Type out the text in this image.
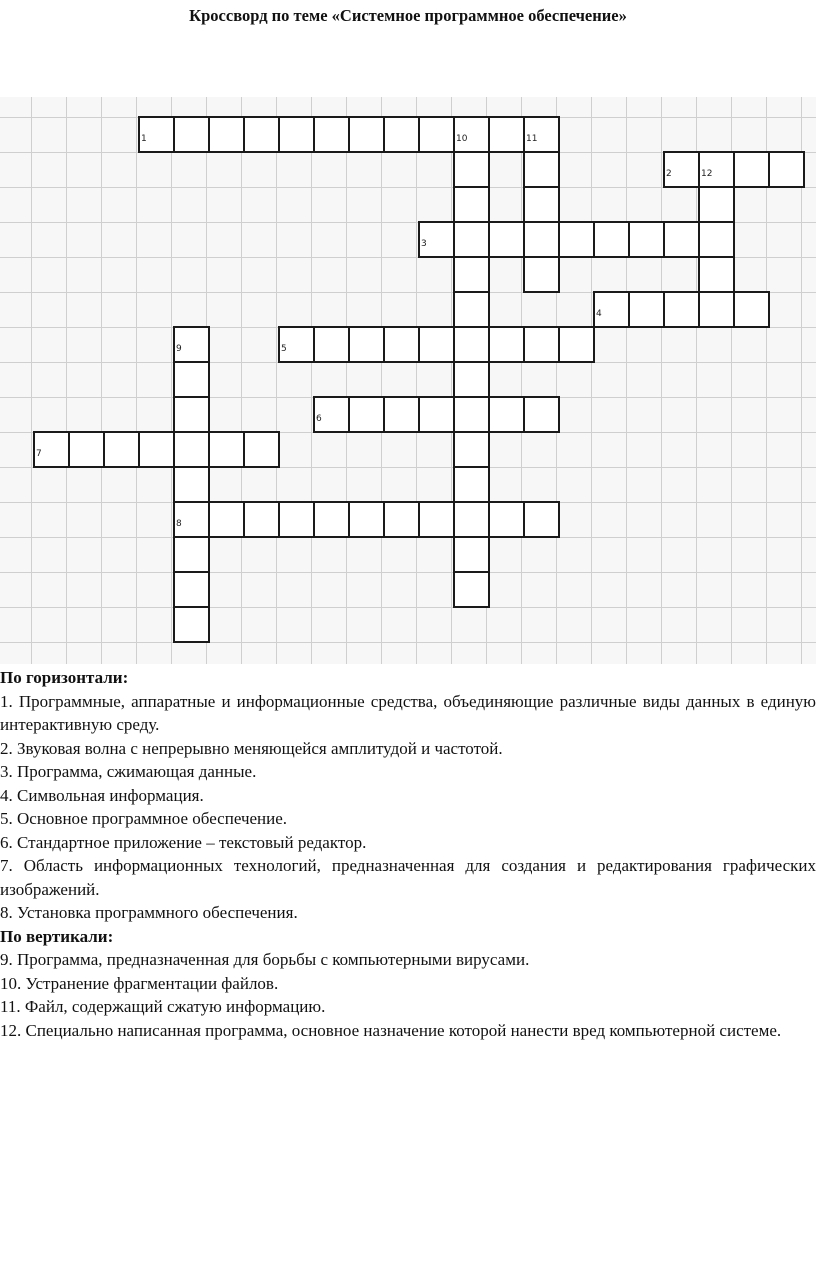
Кроссворд по теме «Системное программное обеспечение»
1
2
3
4
5
6
7
8
9
10	11
12
По горизонтали:
1. Программные, аппаратные и информационные средства, объединяющие различные виды данных в единую интерактивную среду.
2. Звуковая волна с непрерывно меняющейся амплитудой и частотой.
3. Программа, сжимающая данные.
4. Символьная информация.
5. Основное программное обеспечение.
6. Стандартное приложение – текстовый редактор.
7. Область информационных технологий, предназначенная для создания и редактирования графических изображений.
8. Установка программного обеспечения.
По вертикали:
9. Программа, предназначенная для борьбы с компьютерными вирусами.
10. Устранение фрагментации файлов.
11. Файл, содержащий сжатую информацию.
12. Специально написанная программа, основное назначение которой нанести вред компьютерной системе.
